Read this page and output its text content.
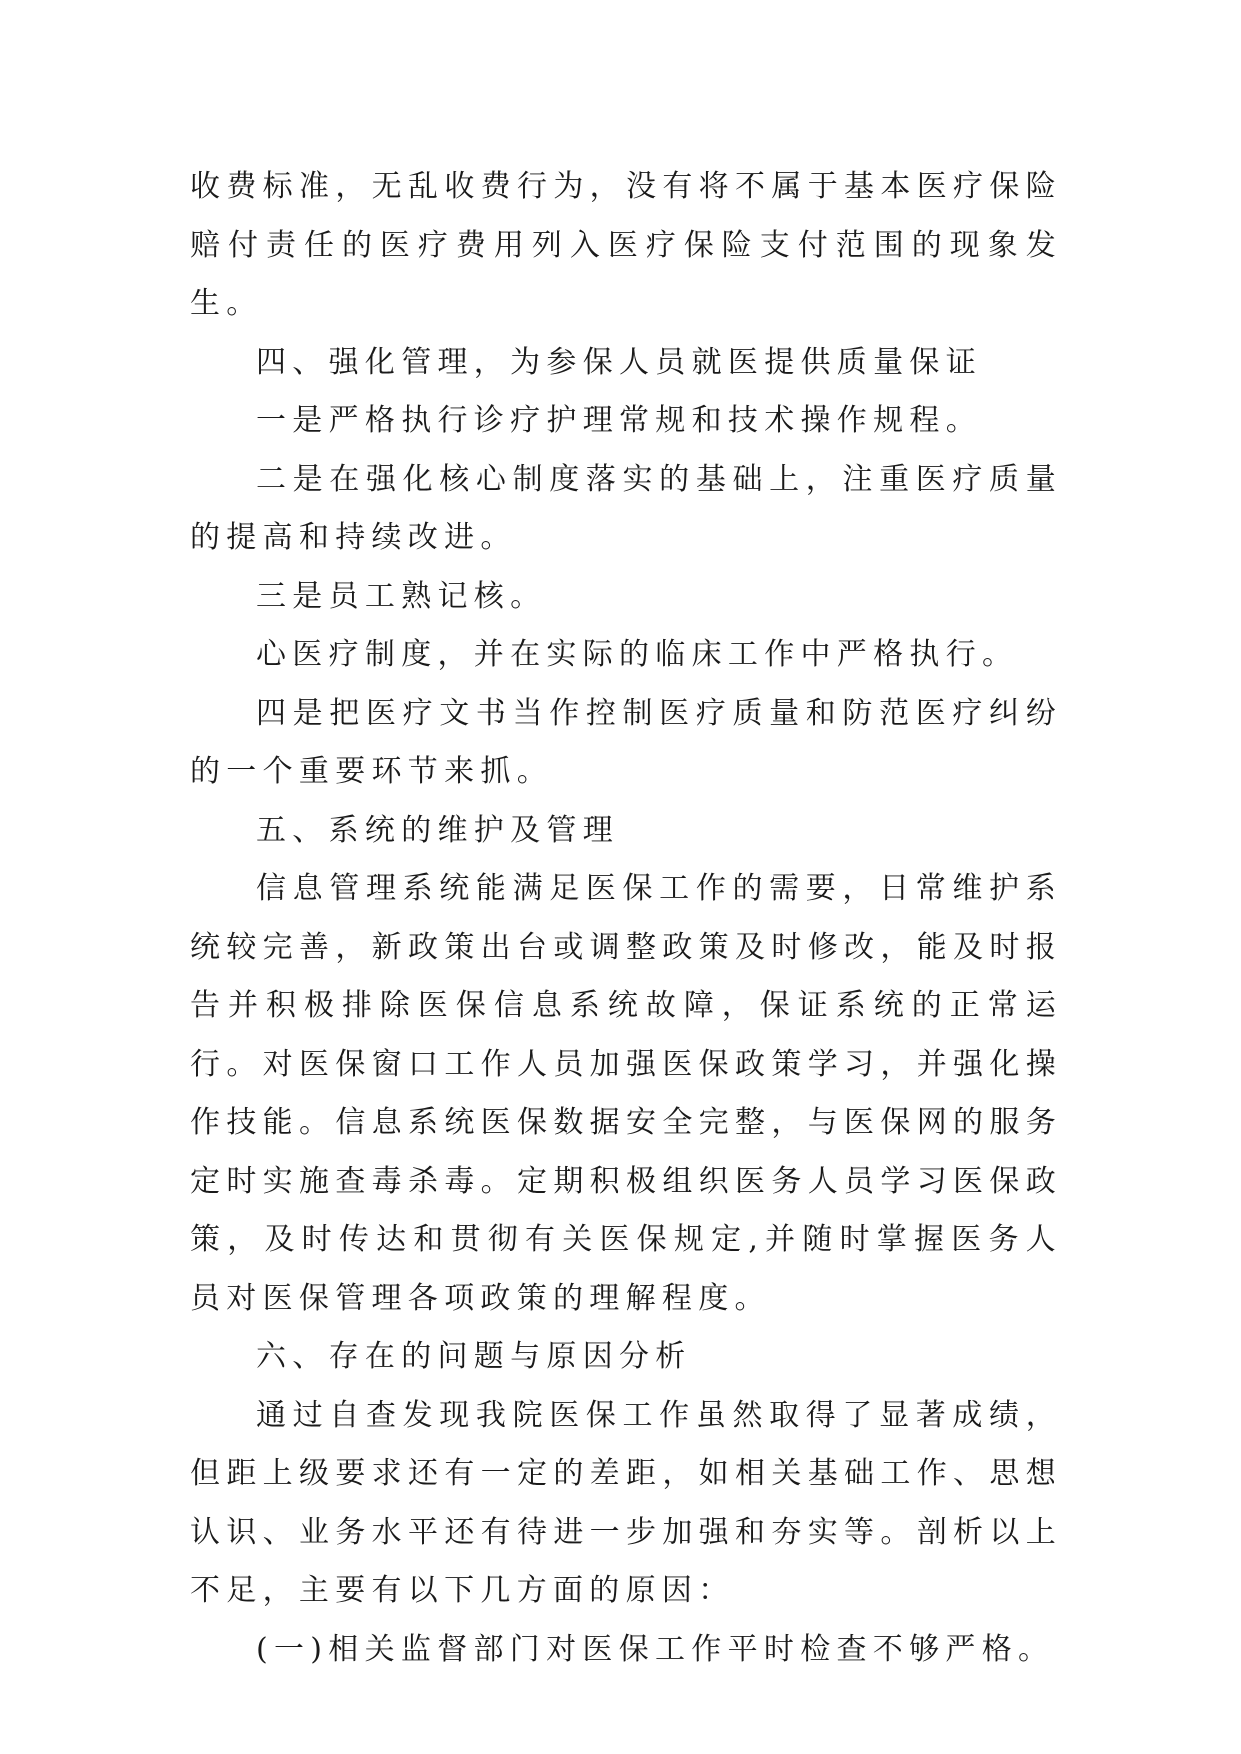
收费标准，无乱收费行为，没有将不属于基本医疗保险赔付责任的医疗费用列入医疗保险支付范围的现象发生。

四、强化管理，为参保人员就医提供质量保证

一是严格执行诊疗护理常规和技术操作规程。

二是在强化核心制度落实的基础上，注重医疗质量的提高和持续改进。

三是员工熟记核。

心医疗制度，并在实际的临床工作中严格执行。

四是把医疗文书当作控制医疗质量和防范医疗纠纷的一个重要环节来抓。

五、系统的维护及管理

信息管理系统能满足医保工作的需要，日常维护系统较完善，新政策出台或调整政策及时修改，能及时报告并积极排除医保信息系统故障，保证系统的正常运行。对医保窗口工作人员加强医保政策学习，并强化操作技能。信息系统医保数据安全完整，与医保网的服务定时实施查毒杀毒。定期积极组织医务人员学习医保政策，及时传达和贯彻有关医保规定,并随时掌握医务人员对医保管理各项政策的理解程度。

六、存在的问题与原因分析

通过自查发现我院医保工作虽然取得了显著成绩，但距上级要求还有一定的差距，如相关基础工作、思想认识、业务水平还有待进一步加强和夯实等。剖析以上不足，主要有以下几方面的原因：

(一)相关监督部门对医保工作平时检查不够严格。
